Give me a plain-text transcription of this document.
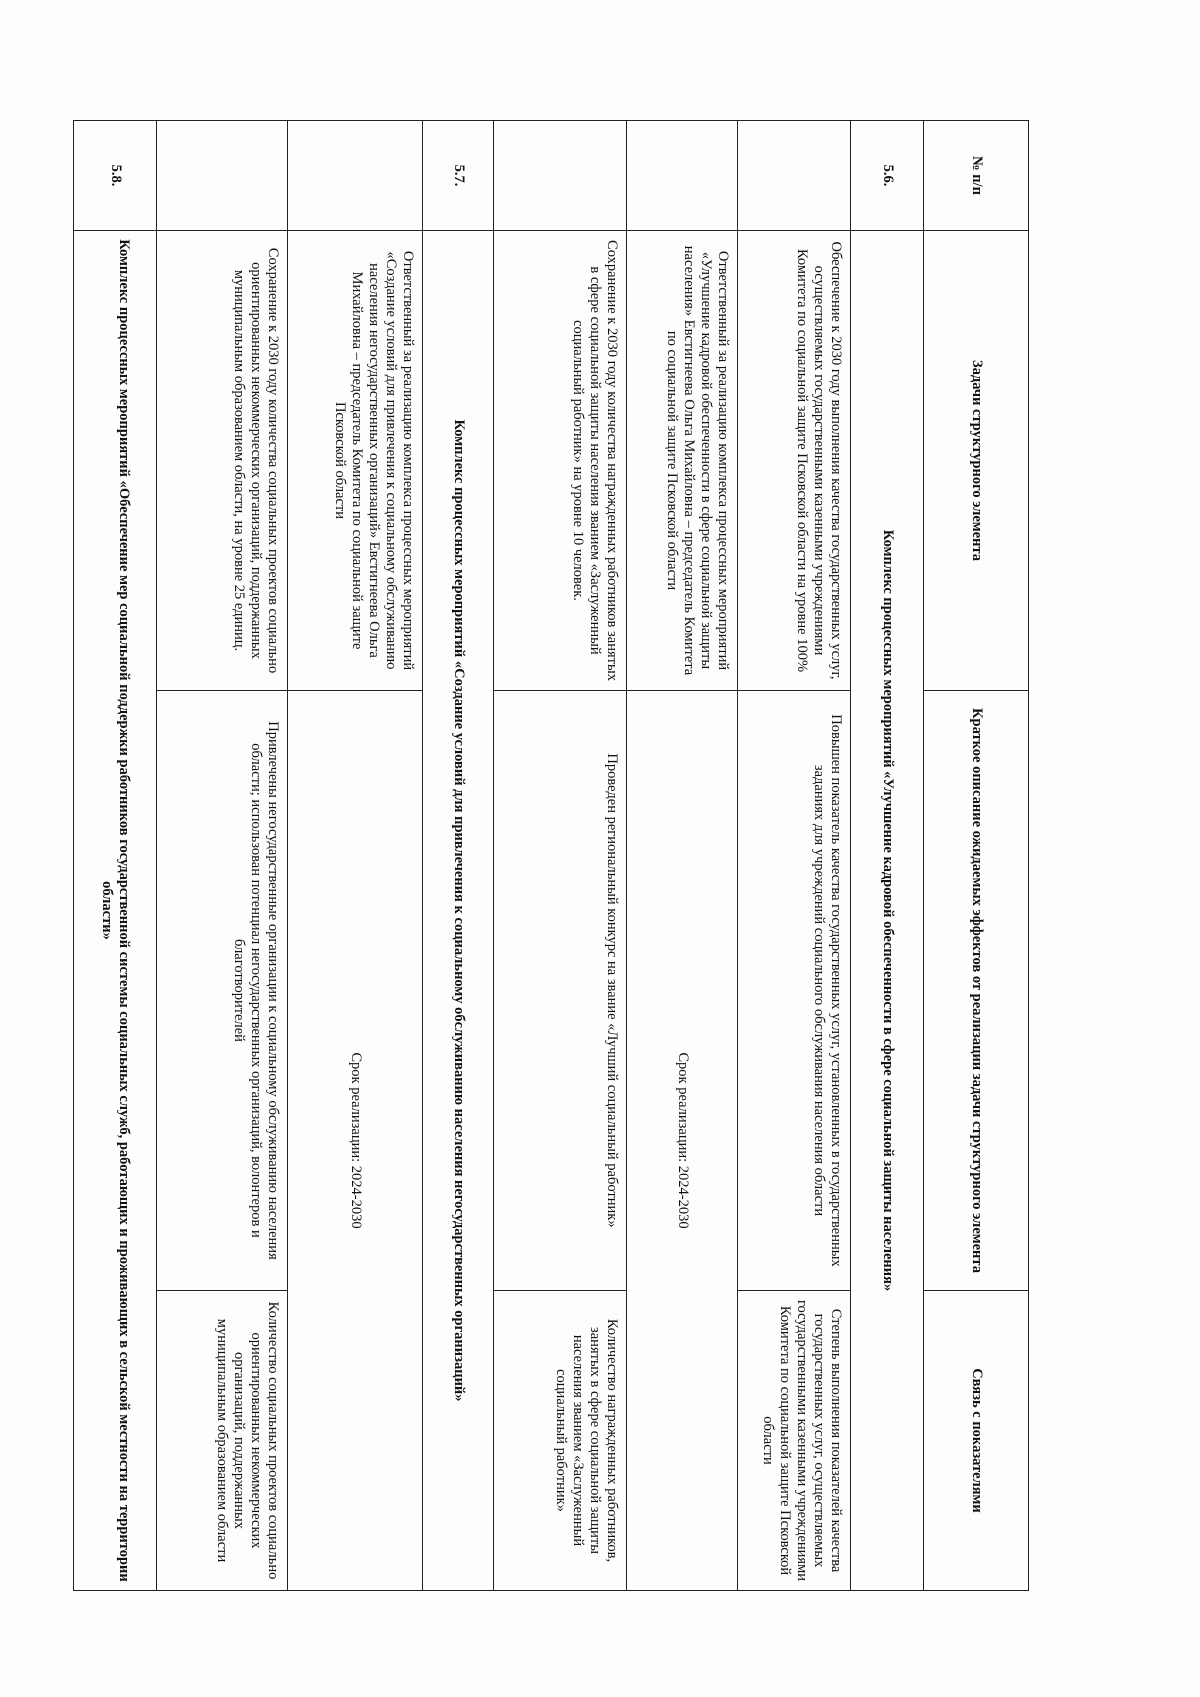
№ п/п	Задачи структурного элемента	Краткое описание ожидаемых эффектов от реализации задачи структурного элемента	Связь с показателями
5.6.	Комплекс процессных мероприятий «Улучшение кадровой обеспеченности в сфере социальной защиты населения»		
	Обеспечение к 2030 году выполнения качества государственных услуг, осуществляемых государственными казенными учреждениями Комитета по социальной защите Псковской области на уровне 100%	Повышен показатель качества государственных услуг, установленных в государственных заданиях для учреждений социального обслуживания населения области	Степень выполнения показателей качества государственных услуг, осуществляемых государственными казенными учреждениями Комитета по социальной защите Псковской области
	Ответственный за реализацию комплекса процессных мероприятий «Улучшение кадровой обеспеченности в сфере социальной защиты населения» Евстигнеева Ольга Михайловна – председатель Комитета по социальной защите Псковской области	Срок реализации: 2024-2030	
	Сохранение к 2030 году количества награжденных работников занятых в сфере социальной защиты населения званием «Заслуженный социальный работник» на уровне 10 человек.	Проведен региональный конкурс на звание «Лучший социальный работник»	Количество награжденных работников, занятых в сфере социальной защиты населения званием «Заслуженный социальный работник»
5.7.	Комплекс процессных мероприятий «Создание условий для привлечения к социальному обслуживанию населения негосударственных организаций»		
	Ответственный за реализацию комплекса процессных мероприятий «Создание условий для привлечения к социальному обслуживанию населения негосударственных организаций» Евстигнеева Ольга Михайловна – председатель Комитета по социальной защите Псковской области	Срок реализации: 2024-2030	
	Сохранение к 2030 году количества социальных проектов социально ориентированных некоммерческих организаций, поддержанных муниципальным образованием области, на уровне 25 единиц.	Привлечены негосударственные организации к социальному обслуживанию населения области; использован потенциал негосударственных организаций, волонтеров и благотворителей	Количество социальных проектов социально ориентированных некоммерческих организаций, поддержанных муниципальным образованием области
5.8.	Комплекс процессных мероприятий «Обеспечение мер социальной поддержки работников государственной системы социальных служб, работающих и проживающих в сельской местности на территории области»		
